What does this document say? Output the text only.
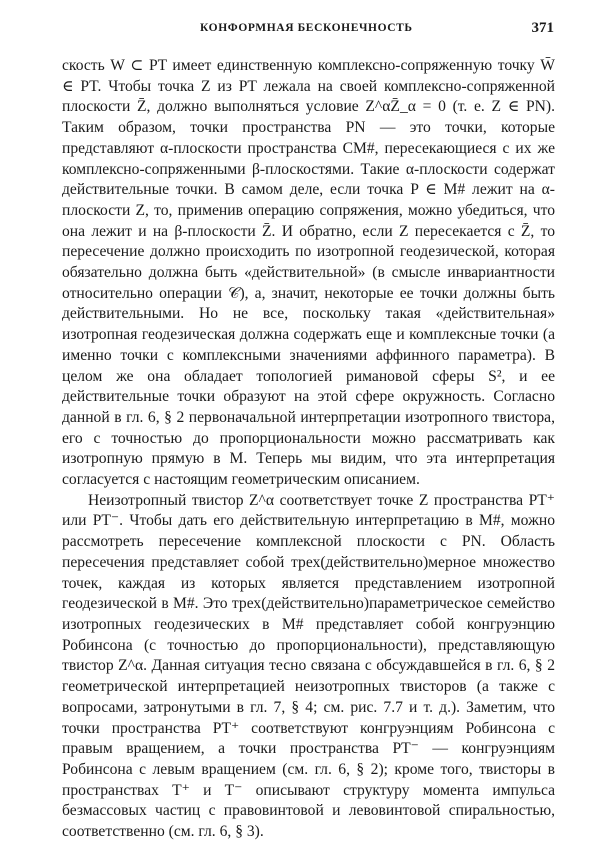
КОНФОРМНАЯ БЕСКОНЕЧНОСТЬ	371

скость W ⊂ PT имеет единственную комплексно-сопряженную точку W̄ ∈ PT. Чтобы точка Z из PT лежала на своей комплексно-сопряженной плоскости Z̄, должно выполняться условие Z^αZ̄_α = 0 (т. е. Z ∈ PN). Таким образом, точки пространства PN — это точки, которые представляют α-плоскости пространства CM#, пересекающиеся с их же комплексно-сопряженными β-плоскостями. Такие α-плоскости содержат действительные точки. В самом деле, если точка P ∈ M# лежит на α-плоскости Z, то, применив операцию сопряжения, можно убедиться, что она лежит и на β-плоскости Z̄. И обратно, если Z пересекается с Z̄, то пересечение должно происходить по изотропной геодезической, которая обязательно должна быть «действительной» (в смысле инвариантности относительно операции 𝒞), а, значит, некоторые ее точки должны быть действительными. Но не все, поскольку такая «действительная» изотропная геодезическая должна содержать еще и комплексные точки (а именно точки с комплексными значениями аффинного параметра). В целом же она обладает топологией римановой сферы S², и ее действительные точки образуют на этой сфере окружность. Согласно данной в гл. 6, § 2 первоначальной интерпретации изотропного твистора, его с точностью до пропорциональности можно рассматривать как изотропную прямую в M. Теперь мы видим, что эта интерпретация согласуется с настоящим геометрическим описанием.

Неизотропный твистор Z^α соответствует точке Z пространства PT⁺ или PT⁻. Чтобы дать его действительную интерпретацию в M#, можно рассмотреть пересечение комплексной плоскости с PN. Область пересечения представляет собой трех(действительно)мерное множество точек, каждая из которых является представлением изотропной геодезической в M#. Это трех(действительно)параметрическое семейство изотропных геодезических в M# представляет собой конгруэнцию Робинсона (с точностью до пропорциональности), представляющую твистор Z^α. Данная ситуация тесно связана с обсуждавшейся в гл. 6, § 2 геометрической интерпретацией неизотропных твисторов (а также с вопросами, затронутыми в гл. 7, § 4; см. рис. 7.7 и т. д.). Заметим, что точки пространства PT⁺ соответствуют конгруэнциям Робинсона с правым вращением, а точки пространства PT⁻ — конгруэнциям Робинсона с левым вращением (см. гл. 6, § 2); кроме того, твисторы в пространствах T⁺ и T⁻ описывают структуру момента импульса безмассовых частиц с правовинтовой и левовинтовой спиральностью, соответственно (см. гл. 6, § 3).
